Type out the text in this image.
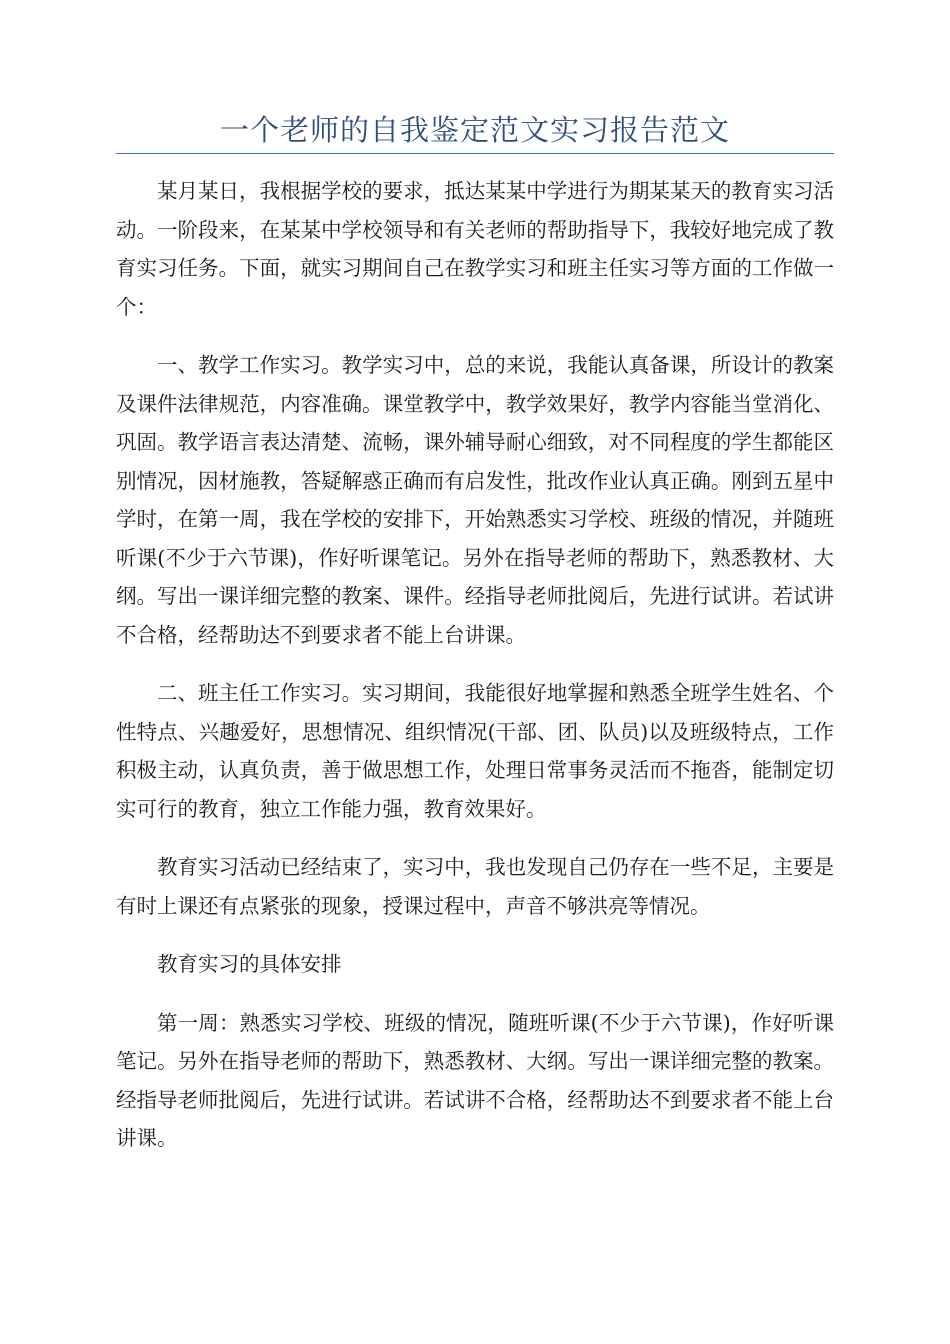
一个老师的自我鉴定范文实习报告范文

某月某日，我根据学校的要求，抵达某某中学进行为期某某天的教育实习活动。一阶段来，在某某中学校领导和有关老师的帮助指导下，我较好地完成了教育实习任务。下面，就实习期间自己在教学实习和班主任实习等方面的工作做一个：

一、教学工作实习。教学实习中，总的来说，我能认真备课，所设计的教案及课件法律规范，内容准确。课堂教学中，教学效果好，教学内容能当堂消化、巩固。教学语言表达清楚、流畅，课外辅导耐心细致，对不同程度的学生都能区别情况，因材施教，答疑解惑正确而有启发性，批改作业认真正确。刚到五星中学时，在第一周，我在学校的安排下，开始熟悉实习学校、班级的情况，并随班听课(不少于六节课)，作好听课笔记。另外在指导老师的帮助下，熟悉教材、大纲。写出一课详细完整的教案、课件。经指导老师批阅后，先进行试讲。若试讲不合格，经帮助达不到要求者不能上台讲课。

二、班主任工作实习。实习期间，我能很好地掌握和熟悉全班学生姓名、个性特点、兴趣爱好，思想情况、组织情况(干部、团、队员)以及班级特点，工作积极主动，认真负责，善于做思想工作，处理日常事务灵活而不拖沓，能制定切实可行的教育，独立工作能力强，教育效果好。

教育实习活动已经结束了，实习中，我也发现自己仍存在一些不足，主要是有时上课还有点紧张的现象，授课过程中，声音不够洪亮等情况。

教育实习的具体安排

第一周：熟悉实习学校、班级的情况，随班听课(不少于六节课)，作好听课笔记。另外在指导老师的帮助下，熟悉教材、大纲。写出一课详细完整的教案。经指导老师批阅后，先进行试讲。若试讲不合格，经帮助达不到要求者不能上台讲课。
